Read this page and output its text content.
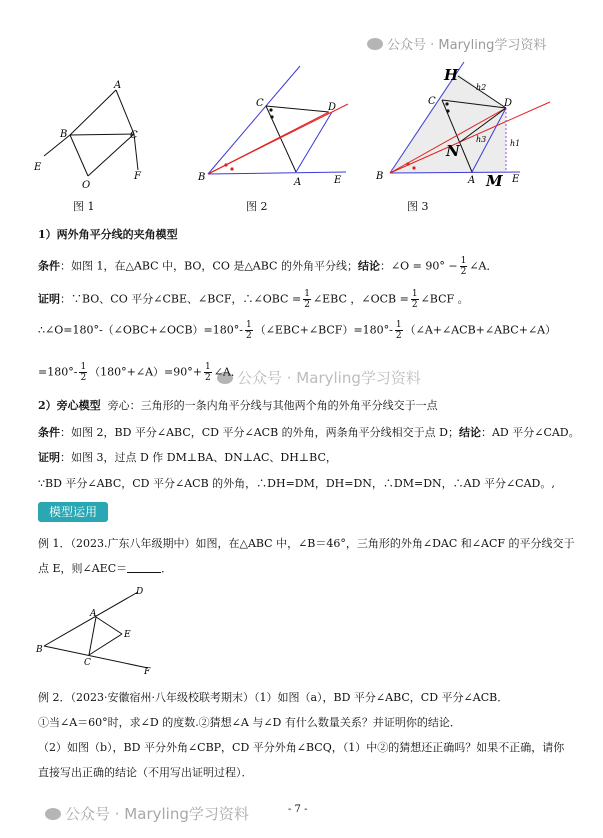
公众号 · Maryling学习资料
公众号 · Maryling学习资料
公众号 · Maryling学习资料
A
B	C
E
O
F
图 1
C	D
B	A	E
图 2
H
C	D
N
B	A M E
h2
h3	h1
图 3
1）两外角平分线的夹角模型
条件：如图 1，在△ABC 中，BO，CO 是△ABC 的外角平分线；结论：∠O = $90^\circ - \frac{1}{2}$ ∠A．
证明：∵BO、CO 平分∠CBE、∠BCF，∴∠OBC = $\frac{1}{2}$ ∠EBC ，∠OCB = $\frac{1}{2}$ ∠BCF 。
∴∠O=180°-（∠OBC+∠OCB）=180°- $\frac{1}{2}$ （∠EBC+∠BCF）=180°- $\frac{1}{2}$ （∠A+∠ACB+∠ABC+∠A）
$=180^\circ- \frac{1}{2}$ （180°+∠A）=90°+ $\frac{1}{2}$ ∠A．
2）旁心模型 旁心：三角形的一条内角平分线与其他两个角的外角平分线交于一点
条件：如图 2，BD 平分∠ABC，CD 平分∠ACB 的外角，两条角平分线相交于点 D；结论：AD 平分∠CAD。
证明：如图 3，过点 D 作 DM⊥BA、DN⊥AC、DH⊥BC，
∵BD 平分∠ABC，CD 平分∠ACB 的外角，∴DH=DM，DH=DN，∴DM=DN，∴AD 平分∠CAD。,
模型运用
例 1．（2023.广东八年级期中）如图，在△ABC 中，∠B＝46°，三角形的外角∠DAC 和∠ACF 的平分线交于
点 E，则∠AEC＝	．
D
A
E
B
C
F
例 2．（2023·安徽宿州·八年级校联考期末）（1）如图（a），BD 平分∠ABC，CD 平分∠ACB．
①当∠A＝60°时，求∠D 的度数.②猜想∠A 与∠D 有什么数量关系？并证明你的结论．
（2）如图（b），BD 平分外角∠CBP，CD 平分外角∠BCQ，（1）中②的猜想还正确吗？如果不正确，请你
直接写出正确的结论（不用写出证明过程）．
- 7 -
